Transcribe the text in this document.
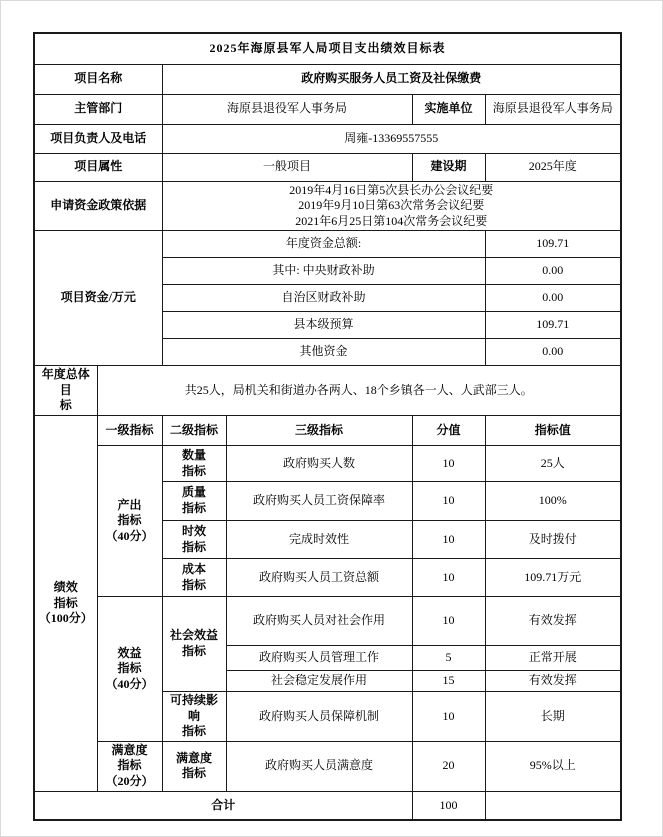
2025年海原县军人局项目支出绩效目标表					
项目名称		政府购买服务人员工资及社保缴费			
主管部门		海原县退役军人事务局		实施单位	海原县退役军人事务局
项目负责人及电话		周雍-13369557555			
项目属性		一般项目		建设期	2025年度
申请资金政策依据		2019年4月16日第5次县长办公会议纪要
2019年9月10日第63次常务会议纪要
2021年6月25日第104次常务会议纪要			
项目资金/万元		年度资金总额:			109.71
		其中: 中央财政补助			0.00
		自治区财政补助			0.00
		县本级预算			109.71
		其他资金			0.00
年度总体目
标	共25人，局机关和街道办各两人、18个乡镇各一人、人武部三人。				
绩效
指标
（100分）	一级指标	二级指标	三级指标	分值	指标值
	产出
指标
（40分）	数量
指标	政府购买人数	10	25人
		质量
指标	政府购买人员工资保障率	10	100%
		时效
指标	完成时效性	10	及时拨付
		成本
指标	政府购买人员工资总额	10	109.71万元
	效益
指标
（40分）	社会效益
指标	政府购买人员对社会作用	10	有效发挥
			政府购买人员管理工作	5	正常开展
			社会稳定发展作用	15	有效发挥
		可持续影响
指标	政府购买人员保障机制	10	长期
	满意度
指标
（20分）	满意度
指标	政府购买人员满意度	20	95%以上
合计				100	
